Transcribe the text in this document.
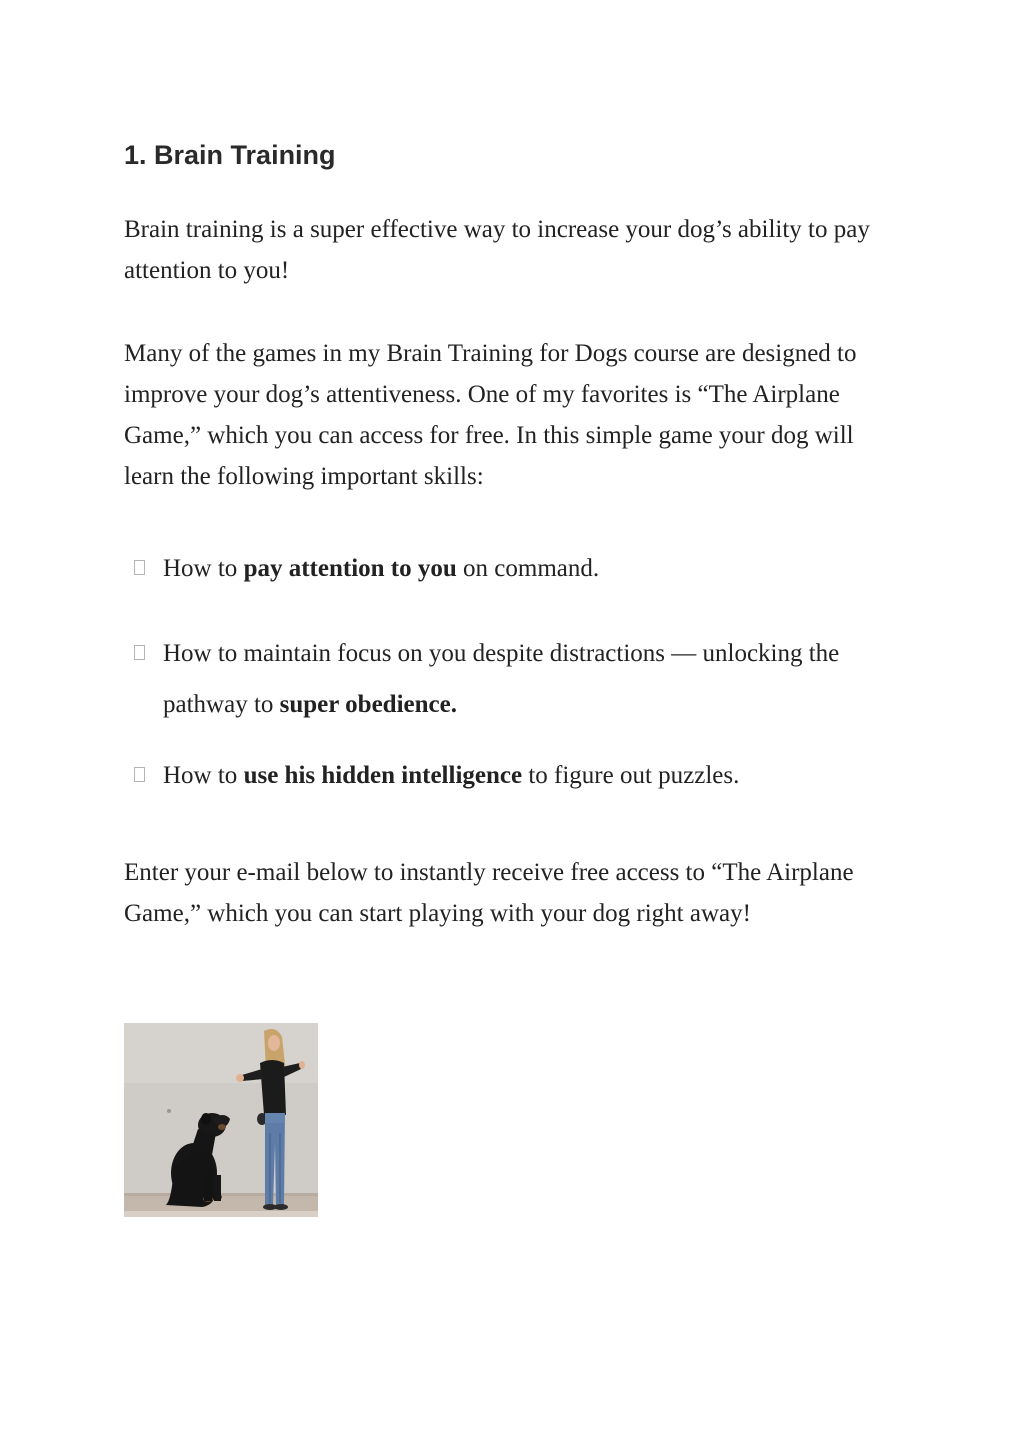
1. Brain Training

Brain training is a super effective way to increase your dog’s ability to pay attention to you!

Many of the games in my Brain Training for Dogs course are designed to improve your dog’s attentiveness. One of my favorites is “The Airplane Game,” which you can access for free. In this simple game your dog will learn the following important skills:

How to pay attention to you on command.
How to maintain focus on you despite distractions — unlocking the pathway to super obedience.
How to use his hidden intelligence to figure out puzzles.

Enter your e-mail below to instantly receive free access to “The Airplane Game,” which you can start playing with your dog right away!
